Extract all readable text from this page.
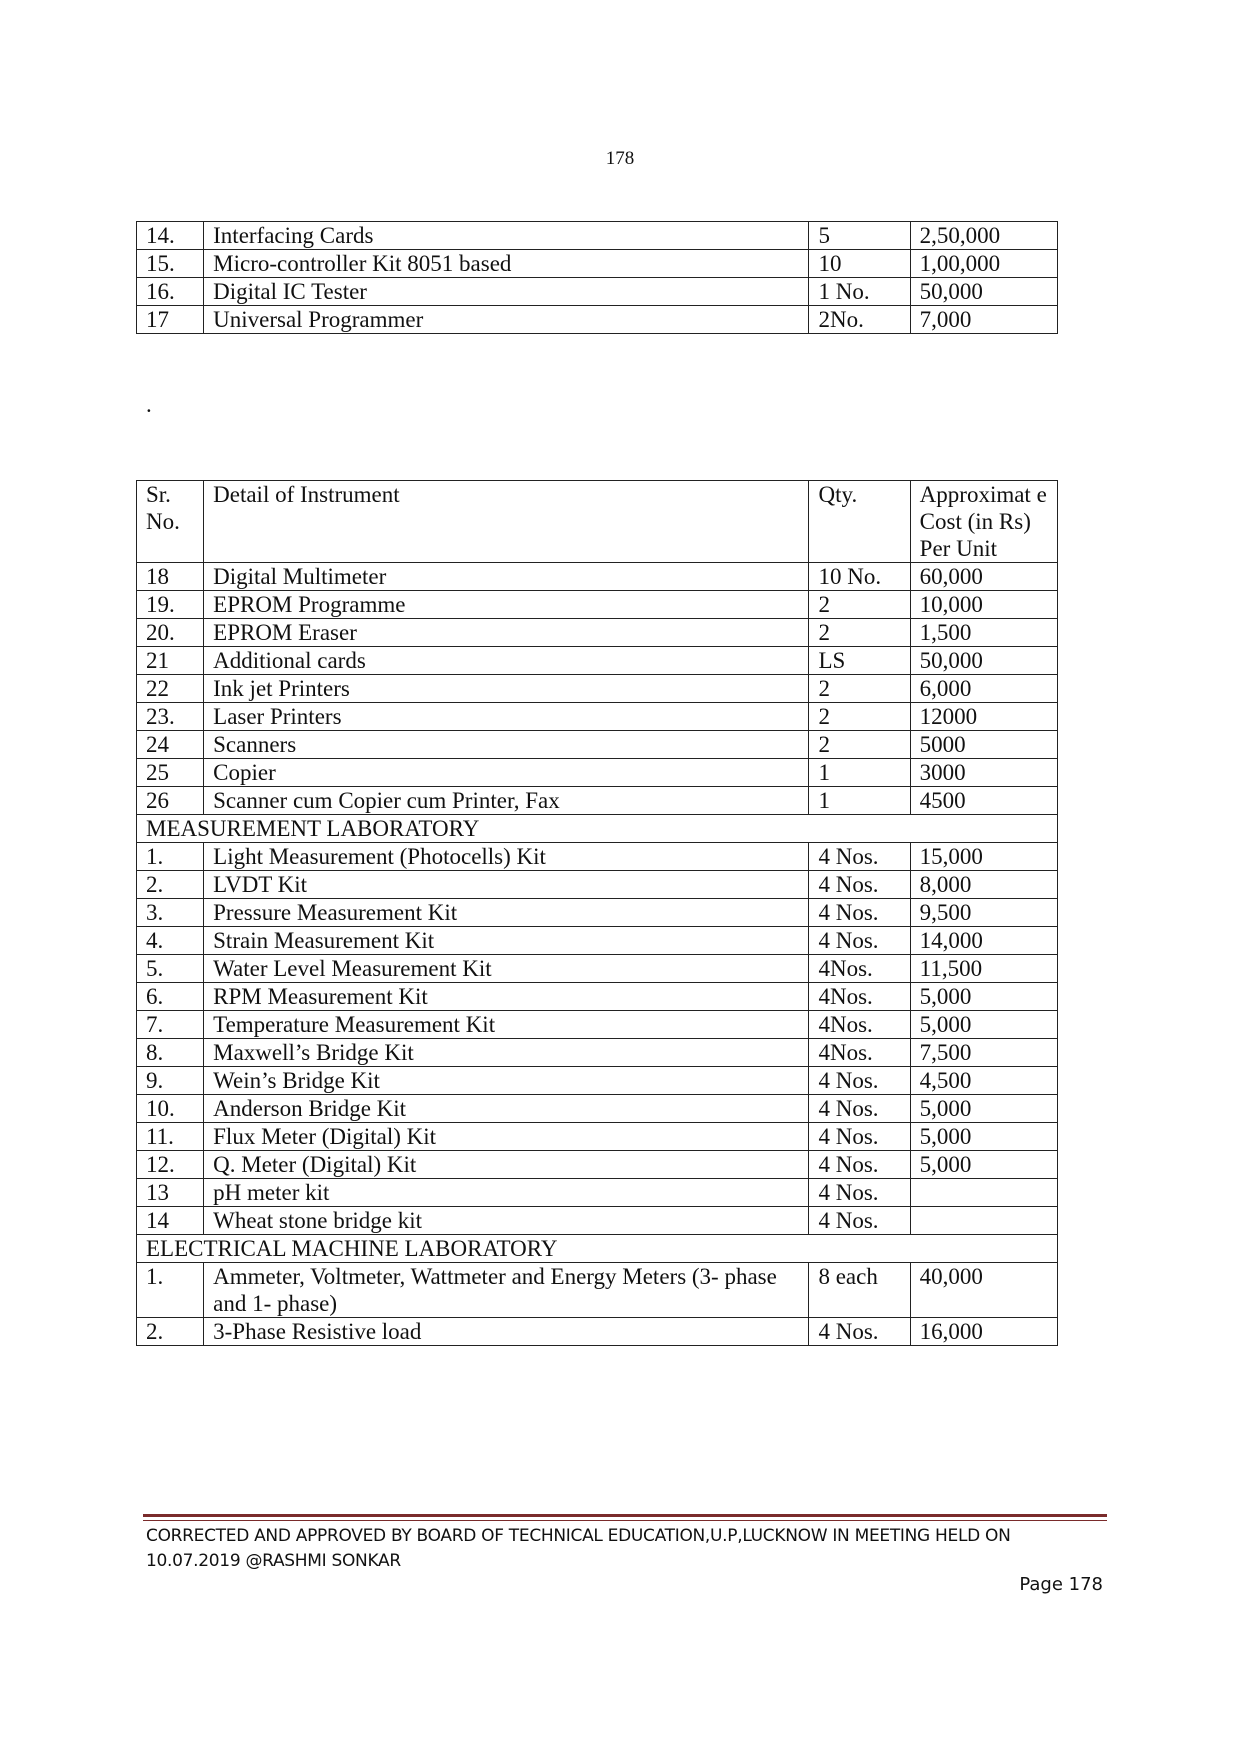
178
14.	Interfacing Cards	5	2,50,000
15.	Micro-controller Kit 8051 based	10	1,00,000
16.	Digital IC Tester	1 No.	50,000
17	Universal Programmer	2No.	7,000
.
Sr. No.	Detail of Instrument	Qty.	Approximat e Cost (in Rs) Per Unit
18	Digital Multimeter	10 No.	60,000
19.	EPROM Programme	2	10,000
20.	EPROM Eraser	2	1,500
21	Additional cards	LS	50,000
22	Ink jet Printers	2	6,000
23.	Laser Printers	2	12000
24	Scanners	2	5000
25	Copier	1	3000
26	Scanner cum Copier cum Printer, Fax	1	4500
MEASUREMENT LABORATORY			
1.	Light Measurement (Photocells) Kit	4 Nos.	15,000
2.	LVDT Kit	4 Nos.	8,000
3.	Pressure Measurement Kit	4 Nos.	9,500
4.	Strain Measurement Kit	4 Nos.	14,000
5.	Water Level Measurement Kit	4Nos.	11,500
6.	RPM Measurement Kit	4Nos.	5,000
7.	Temperature Measurement Kit	4Nos.	5,000
8.	Maxwell’s Bridge Kit	4Nos.	7,500
9.	Wein’s Bridge Kit	4 Nos.	4,500
10.	Anderson Bridge Kit	4 Nos.	5,000
11.	Flux Meter (Digital) Kit	4 Nos.	5,000
12.	Q. Meter (Digital) Kit	4 Nos.	5,000
13	pH meter kit	4 Nos.	
14	Wheat stone bridge kit	4 Nos.	
ELECTRICAL MACHINE LABORATORY			
1.	Ammeter, Voltmeter, Wattmeter and Energy Meters (3- phase and 1- phase)	8 each	40,000
2.	3-Phase Resistive load	4 Nos.	16,000
CORRECTED AND APPROVED BY BOARD OF TECHNICAL EDUCATION,U.P,LUCKNOW IN MEETING HELD ON 10.07.2019 @RASHMI SONKAR
Page 178
